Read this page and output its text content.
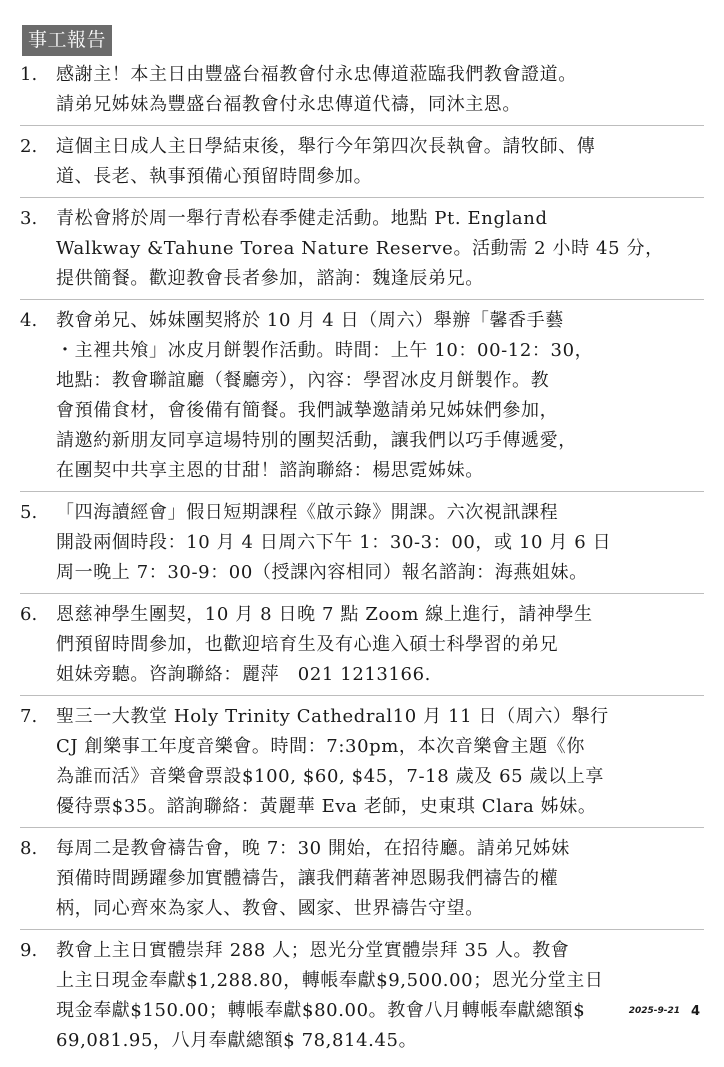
事工報告
1.	感謝主！本主日由豐盛台福教會付永忠傳道蒞臨我們教會證道。
請弟兄姊妹為豐盛台福教會付永忠傳道代禱，同沐主恩。
2.	這個主日成人主日學結束後，舉行今年第四次長執會。請牧師、傳
道、長老、執事預備心預留時間參加。
3.	青松會將於周一舉行青松春季健走活動。地點 Pt. England
Walkway &Tahune Torea Nature Reserve。活動需 2 小時 45 分，
提供簡餐。歡迎教會長者參加，諮詢：魏逢辰弟兄。
4.	教會弟兄、姊妹團契將於 10 月 4 日（周六）舉辦「馨香手藝
・主裡共飧」冰皮月餅製作活動。時間：上午 10：00-12：30，
地點：教會聯誼廳（餐廳旁），內容：學習冰皮月餅製作。教
會預備食材，會後備有簡餐。我們誠摯邀請弟兄姊妹們參加，
請邀約新朋友同享這場特別的團契活動，讓我們以巧手傳遞愛，
在團契中共享主恩的甘甜！諮詢聯絡：楊思霓姊妹。
5.	「四海讀經會」假日短期課程《啟示錄》開課。六次視訊課程
開設兩個時段：10 月 4 日周六下午 1：30-3：00，或 10 月 6 日
周一晚上 7：30-9：00（授課內容相同）報名諮詢：海燕姐妹。
6.	恩慈神學生團契，10 月 8 日晚 7 點 Zoom 線上進行，請神學生
們預留時間參加，也歡迎培育生及有心進入碩士科學習的弟兄
姐妹旁聽。咨詢聯絡：麗萍　021 1213166.
7.	聖三一大教堂 Holy Trinity Cathedral10 月 11 日（周六）舉行
CJ 創樂事工年度音樂會。時間：7:30pm，本次音樂會主題《你
為誰而活》音樂會票設$100, $60, $45，7-18 歲及 65 歲以上享
優待票$35。諮詢聯絡：黃麗華 Eva 老師，史東琪 Clara 姊妹。
8.	每周二是教會禱告會，晚 7：30 開始，在招待廳。請弟兄姊妹
預備時間踴躍參加實體禱告，讓我們藉著神恩賜我們禱告的權
柄，同心齊來為家人、教會、國家、世界禱告守望。
9.	教會上主日實體崇拜 288 人；恩光分堂實體崇拜 35 人。教會
上主日現金奉獻$1,288.80，轉帳奉獻$9,500.00；恩光分堂主日
現金奉獻$150.00；轉帳奉獻$80.00。教會八月轉帳奉獻總額$
69,081.95，八月奉獻總額$ 78,814.45。
2025-9-21 4
